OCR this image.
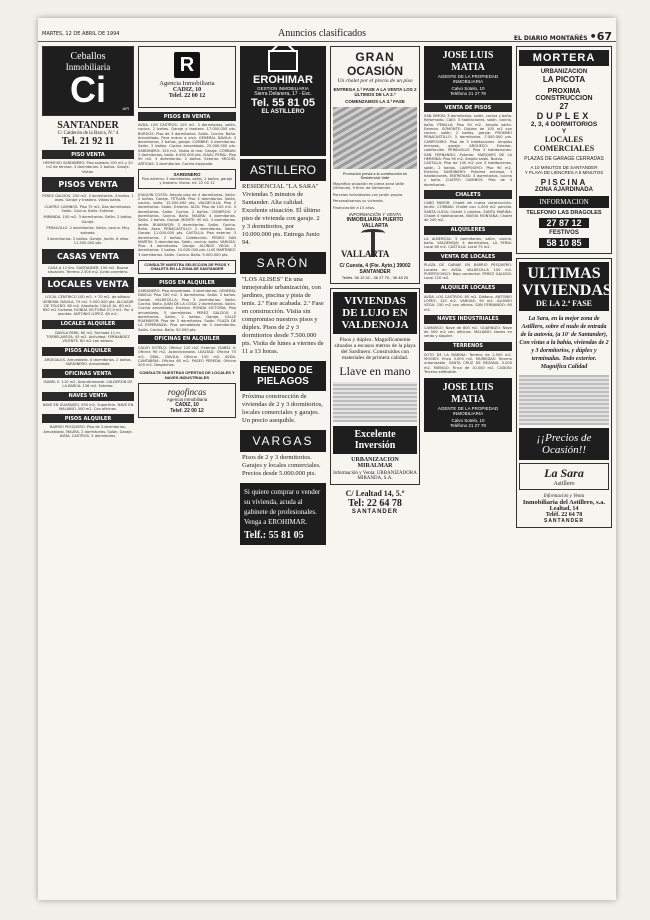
MARTES, 12 DE ABRIL DE 1994	Anuncios clasificados	EL DIARIO MONTAÑÉS •67
Ceballos
Inmobiliaria
Ci	API
SANTANDER
C/ Calderón de la Barca, N.º 4
Tel. 21 92 11
PISO VENTA
HERMOSO SARDINERO. Piso soleado 100 m2 y 20 m2 de terraza. 3 dormitorios. 2 baños. Garaje. Vistas.
PISOS VENTA

PEREZ GALDOS, 250 m2. 5 dormitorios. 3 baños. 1 aseo. Garaje y trastero. Vistas bahía.

CUATRO CAMINOS. Piso 75 m2. Dos dormitorios. Salón. Cocina. Baño. Exterior.

MIRANDA. 100 m2. 3 dormitorios. Salón. 2 baños. Garaje.

PERALVILLO. 2 dormitorios. Salón, cocina. Muy soleado.

3 dormitorios. 2 baños. Garaje. Jardín. 6 años. 11.500.000 pts.

CASAS VENTA
CASA A 12 Km. SANTANDER. 150 m2. Buena situación. Terreno 2.500 m2. Junto carretera.
LOCALES VENTA
LOCAL CENTRICO 100 m2. + 70 m2. de sótano. GENERAL DAVILA. 75 m2. 5.500.000 pts. ALCAZAR DE TOLEDO. 65 m2. Alquilado. CALLE AL. 60 m2. 850 m2 Cortado. RONDA VICTORIA 57,5 m2. Por 4 plantas. ANTONIO LOPEZ. 60 m2.
LOCALES ALQUILER
DAVILA PARK. 60 m2. Fachada 11 m. TORRELAVEGA. 45 m2. Actividad. FERNANDEZ VICENTE. 80 m2 con sótano.
PISOS ALQUILER
ARDIGALES. Amueblado. 4 dormitorios. 2 baños. SARDINERO. Amueblado.
OFICINAS VENTA
ISABEL II. 110 m2. Acondicionada. CALDERON DE LA BARCA. 136 m2. Exterior.
NAVES VENTA
NAVE EN GUARNIZO. 900 m2. Superficie. NAVE EN MALIAÑO. 500 m2. Con oficinas.
PISOS ALQUILER
BARRIO PESQUERO. Piso de 3 dormitorios. Amueblado. MAURA. 2 dormitorios. Salón. Garaje. AVDA. CASTROS. 3 dormitorios.
R
Agencia Inmobiliaria
CADIZ, 10
Telef. 22 00 12
PISOS EN VENTA
AVDA. LOS CASTROS: 105 m2. 3 dormitorios, salón, cocina, 2 baños. Garaje y trastero. 17.000.000 pts. BURGOS: Piso de 3 dormitorios. Salón. Cocina. Baño. Amueblado. Para entrar a vivir. GENERAL DAVILA: 3 dormitorios, 2 baños, garaje. CUMBRE: 4 dormitorios. Salón. 2 baños. Cocina amueblada. 25.000.000 pts. SARDINERO: 150 m2. Vistas al mar. Garaje. CORBAN: 2 dormitorios, baño. 6.500.000 pts. ISAAC PERAL: Piso 90 m2. 3 dormitorios. 2 baños. Exterior. MIGUEL ARTIGAS: 3 dormitorios. Cocina equipada.
SARDINERO
Piso exterior. 3 dormitorios, salón, 2 baños, garaje y trastero. Vistas. Inf. 22 00 12
JOAQUIN COSTA: Amplio piso de 4 dormitorios. Salón. 2 baños. Garaje. TETUAN: Piso 3 dormitorios. Salón, cocina, baño. 12.000.000 pts. VALDECILLA: Piso 2 dormitorios. Salón. Exterior. ALTA: Piso de 100 m2. 3 dormitorios. Salón. Cocina. 2 baños. CISNEROS: 2 dormitorios. Cocina. Baño. MAURA: 4 dormitorios. Salón. 2 baños. Garaje. MONTE: 90 m2. 3 dormitorios. Jardín. RUAMAYOR: 3 dormitorios. Salón. Cocina. Baño. Aseo. PEÑACASTILLO: 2 dormitorios. Salón. Garaje. 11.000.000 pts. CASTILLA: Piso exterior. 3 dormitorios. 2 baños. Calefacción. PEDRO SAN MARTIN: 3 dormitorios. Salón, cocina, baño. VARGAS: Piso. 4 dormitorios. Garaje. ALONSO VEGA: 3 dormitorios. 2 baños. 15.000.000 pts. LUIS MARTINEZ: 3 dormitorios. Salón. Cocina. Baño. 9.000.000 pts.
CONSULTE NUESTRA SELECCION DE PISOS Y CHALETS EN LA ZONA DE SANTANDER
PISOS EN ALQUILER
SARDINERO: Piso amueblado. 3 dormitorios. GENERAL DAVILA: Piso 100 m2. 3 dormitorios. Salón. 2 baños. Garaje. VALDECILLA: Piso 3 dormitorios. Salón. Cocina. Baño. JUAN DE LA COSA: 2 dormitorios. Salón. Cocina amueblada. Exterior. RONDA VICTORIA: Piso amueblado, 3 dormitorios. PEREZ GALDOS: 4 dormitorios. Salón. 2 baños. Garaje. CALLE RUAMAYOR: Piso de 3 dormitorios. Salón. PLAZA DE LA ESPERANZA: Piso amueblado de 3 dormitorios. Salón. Cocina. Baño. 50.000 pts.
OFICINAS EN ALQUILER
CALVO SOTELO: Oficina 120 m2. Exterior. ISABEL II: Oficina 90 m2. Acondicionada. LEALTAD: Oficina 75 m2. GRAL. DAVILA: Oficina 150 m2. AVDA. CANTABRIA: Oficina 60 m2. PASEO PEREDA: Oficina 200 m2. Despachos.
CONSULTE NUESTRAS OFERTAS DE LOCALES Y NAVES INDUSTRIALES
rogofincas
Agencia Inmobiliaria
CADIZ, 10
Telef. 22 00 12
EROHIMAR
GESTION INMOBILIARIA
Sierra Delanera, 17 - Esc.
Tel. 55 81 05
EL ASTILLERO
ASTILLERO
RESIDENCIAL "LA SARA" Viviendas 5 minutos de Santander. Alta calidad. Excelente situación. El último piso de vivienda con garaje. 2 y 3 dormitorios, por 10.000.000 pts. Entrega Junio 94.
SARÓN
"LOS ALISES" En una inmejorable urbanización, con jardines, piscina y pista de tenis. 2.ª Fase acabada. 2.ª Fase en construcción. Visita sin compromiso nuestros pisos y dúplex. Pisos de 2 y 3 dormitorios desde 7.500.000 pts. Visita de lunes a viernes de 11 a 13 horas.
RENEDO DE PIELAGOS
Próxima construcción de viviendas de 2 y 3 dormitorios, locales comerciales y garajes. Un precio asequible.
VARGAS
Pisos de 2 y 3 dormitorios. Garajes y locales comerciales. Precios desde 5.000.000 pts.
Si quiere comprar o vender su vivienda, acuda al gabinete de profesionales. Venga a EROHIMAR.
Telf.: 55 81 05
GRAN
OCASIÓN
Un chalet por el precio de un piso
ENTREGA 1.ª FASE A LA VENTA LOS 2 ÚLTIMOS DE LA 2.ª
COMENZAMOS LA 3.ª FASE
Promoción previa a la construcción en Residencial Valle

Magnífica situación en plena zona Valle (Miranda). 9 Kms. de Santander.

Parcelas individuales con jardín propio.

Personalizamos su vivienda.

Financiación a 15 años.

INFORMACIÓN Y VENTA
INMOBILIARIA PUERTO VALLARTA
VALLARTA
C/ Cuesta, 4 (Fte. Ayto.) 39002 SANTANDER
Teléfs. 36 12 41 - 36 27 70 - 36 48 20
VIVIENDAS DE LUJO EN VALDENOJA
Pisos y dúplex. Magníficamente situados a escasos metros de la playa del Sardinero. Construidos con materiales de primera calidad.
Llave en mano
Excelente Inversión
URBANIZACION MIRALMAR
Información y Venta: URBANIZADORA MIRANDA, S.A.
C/ Lealtad 14, 5.º
Tel: 22 64 78
SANTANDER
JOSE LUIS MATIA
AGENTE DE LA PROPIEDAD INMOBILIARIA
Calvo Sotelo, 10
Teléfono 21 27 78
VENTA DE PISOS
SAN SIMON: 3 dormitorios, salón, cocina y baño. Reformado. CAJO: 3 habitaciones, salón, cocina, baño. PENILLA: Piso 90 m2. Amplio salón. Exterior. SOMONTE: Dúplex de 100 m2 con cocina, salón, 2 baños, garaje. PROXIMO PENACASTILLO: 3 dormitorios. 7.000.000 pts. CAMPOGIRO: Piso de 3 habitaciones. Amplias terrazas, garaje. ARGUESO: Exterior, calefacción. PERALVILLO: Piso 3 habitaciones. SAN FERNANDO: Exterior. MARQUES DE LA HERMIDA: Piso 90 m2. Amplio salón. Nuevo.
CASTILLA: Piso de 100 m2 con 3 habitaciones, salón, 2 baños. CAMPOGIRO: Piso 90 m2. Exterior. SARDINERO: Próxima entrega, 3 habitaciones. ENTREVIAS: 3 dormitorios, cocina y baño. CUATRO CAMINOS: Piso de 4 dormitorios.
CHALETS
CABO MAYOR: Chalet de nueva construcción. Jardín. CORBAN: Chalet con 1.000 m2 parcela. SANTA LUCIA: Chalet 2 plantas. SANTA MARINA: Chalet 4 habitaciones. NUEVA MONTAÑA: Chalet de 240 m2.
ALQUILERES
LA ALBERICIA: 3 dormitorios, salón, cocina, baño. VALDENOJA: 4 dormitorios. LA FERIA: Local 60 m2. CASTILLA: Local 75 m2.
VENTA DE LOCALES
PLAZA DE GARAJE EN BARRIO PESQUERO. Locales en AVDA. VALDECILLA 100 m2. PUERTOCHICO: Bajo comercial. PEREZ GALDOS: Local 120 m2.
ALQUILER LOCALES
AVDA. LOS CASTROS: 85 m2. Diáfano. ANTONIO LOPEZ: 120 m2. VARGAS: 90 m2. ALONSO VEGA: 150 m2 con oficina. SAN FERNANDO: 60 m2.
NAVES INDUSTRIALES
CAMARGO: Nave de 800 m2. GUARNIZO: Nave de 500 m2 con oficinas. MALIAÑO: Naves en venta y alquiler.
TERRENOS
SOTO DE LA MARINA: Terreno de 2.500 m2. MOGRO: Finca 3.000 m2. MURIEDAS: Terreno urbanizable. SANTA CRUZ DE BEZANA: 5.000 m2. MIENGO: Finca de 10.000 m2. CUDON: Terreno edificable.
JOSE LUIS MATIA
AGENTE DE LA PROPIEDAD INMOBILIARIA
Calvo Sotelo, 10
Teléfono 21 27 78
MORTERA
URBANIZACION
LA PICOTA
PROXIMA CONSTRUCCION
27
DUPLEX
2, 3, 4 DORMITORIOS
Y
LOCALES COMERCIALES
PLAZAS DE GARAGE CERRADAS
A 10 MINUTOS DE SANTANDER
Y PLAYA DE LIENCRES A 5 MINUTOS
PISCINA
ZONA AJARDINADA
INFORMACION
TELEFONO LAS DRAGOLES
27 87 12
FESTIVOS
58 10 85
ULTIMAS
VIVIENDAS
DE LA 2.ª FASE
La Sara, en la mejor zona de Astillero, sobre el nudo de entrada de la autovía, (a 10' de Santander), Con vistas a la bahía, viviendas de 2 y 3 dormitorios, y dúplex y terminadas. Todo exterior. Magnífica Calidad
¡¡Precios de Ocasión!!
La Sara
Astillero
Información y Venta
Inmobiliaria del Astillero, s.a.
Lealtad, 14
Teléf. 22 64 78
SANTANDER
